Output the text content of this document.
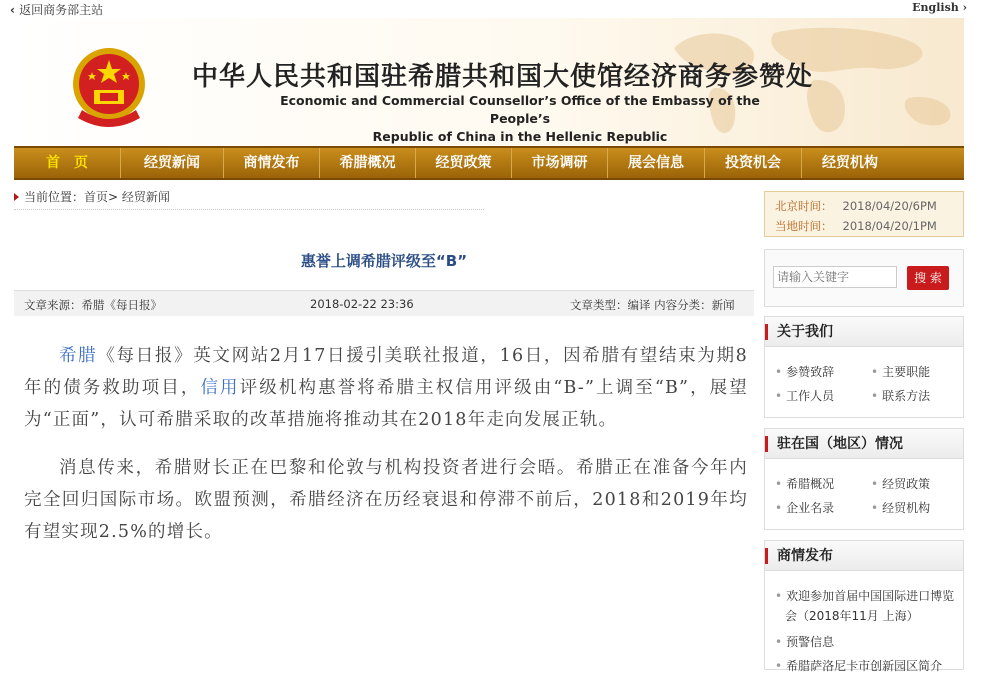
‹ 返回商务部主站	English ›
中华人民共和国驻希腊共和国大使馆经济商务参赞处
Economic and Commercial Counsellor’s Office of the Embassy of the People’s
Republic of China in the Hellenic Republic
首　页	经贸新闻	商情发布	希腊概况	经贸政策	市场调研	展会信息	投资机会	经贸机构
当前位置：首页> 经贸新闻
惠誉上调希腊评级至“B”
文章来源：希腊《每日报》	2018-02-22 23:36	文章类型：编译 内容分类：新闻

希腊《每日报》英文网站2月17日援引美联社报道，16日，因希腊有望结束为期8年的债务救助项目，信用评级机构惠誉将希腊主权信用评级由“B-”上调至“B”，展望为“正面”，认可希腊采取的改革措施将推动其在2018年走向发展正轨。

消息传来，希腊财长正在巴黎和伦敦与机构投资者进行会晤。希腊正在准备今年内完全回归国际市场。欧盟预测，希腊经济在历经衰退和停滞不前后，2018和2019年均有望实现2.5%的增长。

北京时间： 2018/04/20/6PM
当地时间： 2018/04/20/1PM
请输入关键字
搜 索
关于我们
• 参赞致辞	• 主要职能
• 工作人员	• 联系方法
驻在国（地区）情况
• 希腊概况	• 经贸政策
• 企业名录	• 经贸机构
商情发布
• 欢迎参加首届中国国际进口博览
会（2018年11月 上海）
• 预警信息
• 希腊萨洛尼卡市创新园区简介
